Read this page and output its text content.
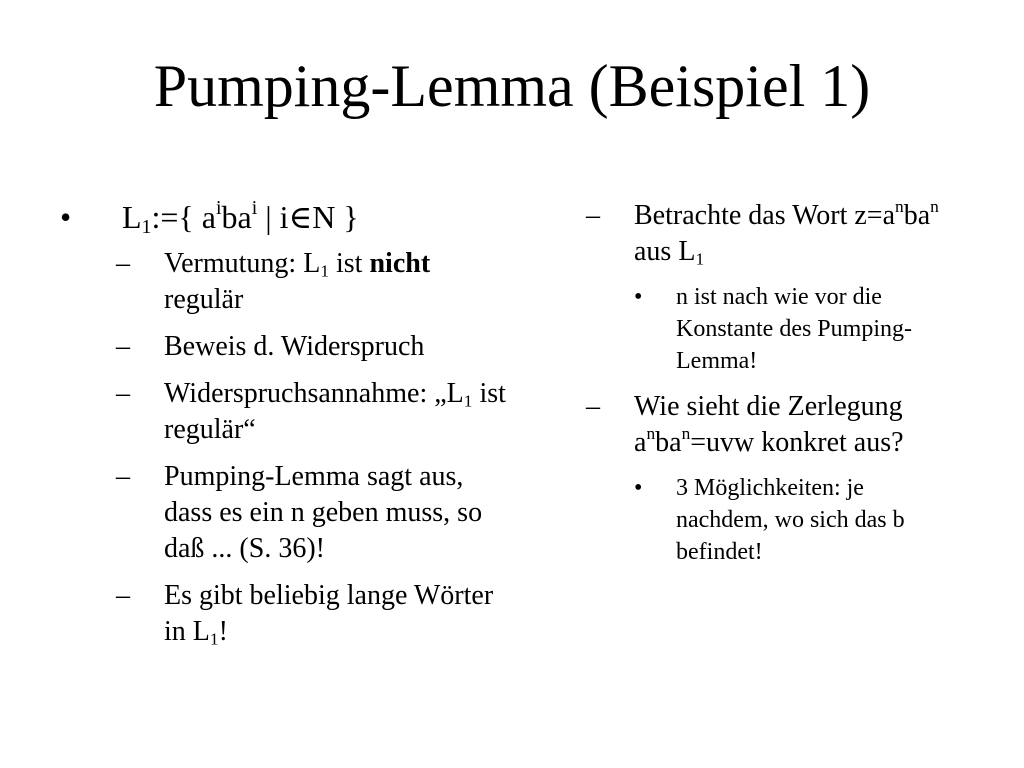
Pumping-Lemma (Beispiel 1)
•	$L_1:=${ $a^iba^i$ | i∈N }
–	Vermutung: $L_1$ ist nicht regulär
–	Beweis d. Widerspruch
–	Widerspruchsannahme: $„L_1$ ist regulär“
–	Pumping-Lemma sagt aus, dass es ein n geben muss, so daß ... (S. 36)!
–	Es gibt beliebig lange Wörter in $L_1$!
–	Betrachte das Wort $z=a^nba^n$ aus $L_1$
•	n ist nach wie vor die Konstante des Pumping-Lemma!
–	Wie sieht die Zerlegung $a^nba^n=uvw$ konkret aus?
•	3 Möglichkeiten: je nachdem, wo sich das b befindet!
